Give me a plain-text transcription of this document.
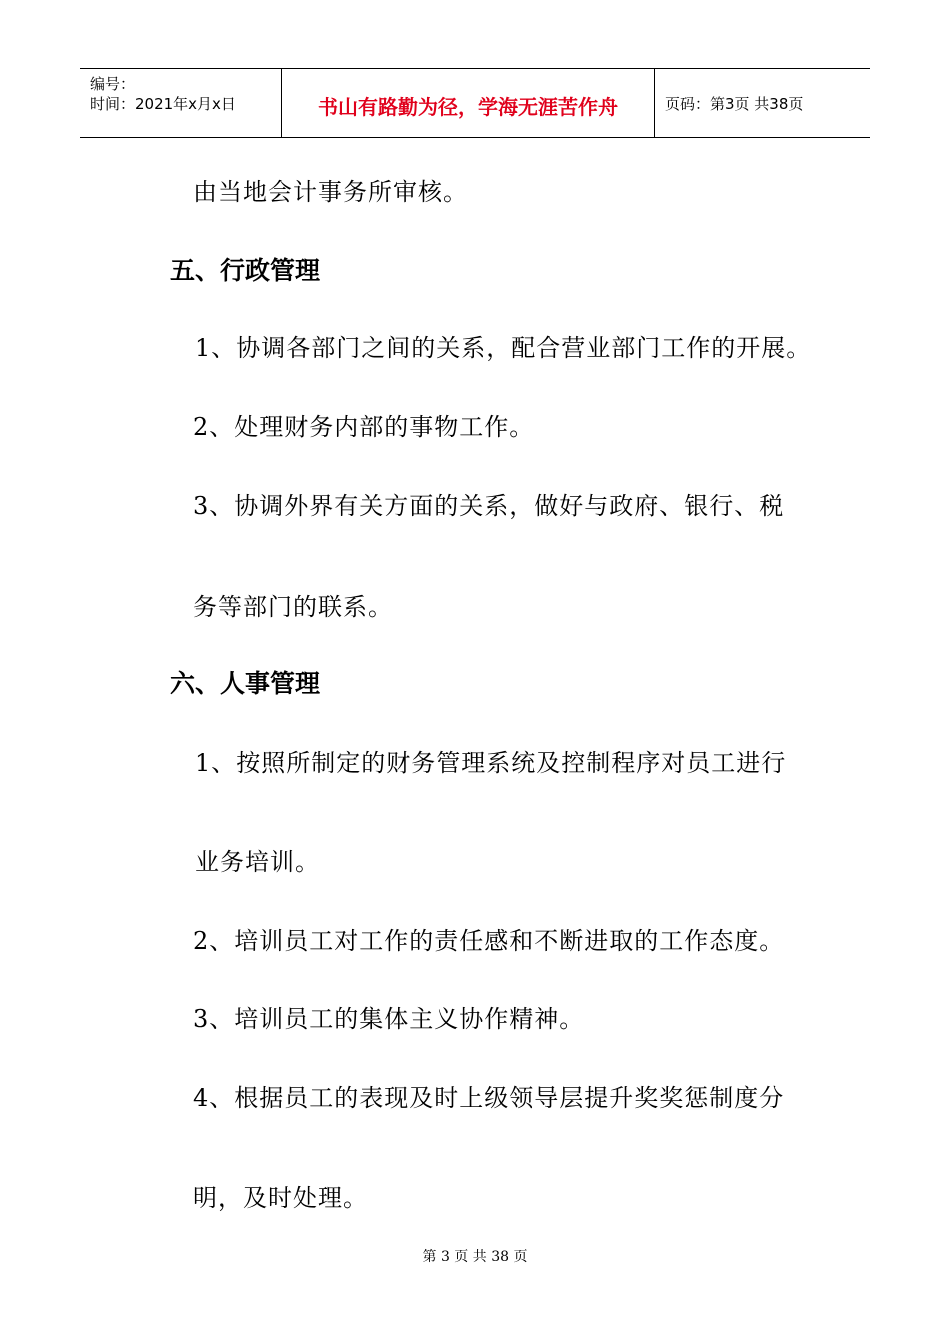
编号：
时间：2021年x月x日	书山有路勤为径，学海无涯苦作舟	页码：第3页 共38页
由当地会计事务所审核。
五、行政管理
1、协调各部门之间的关系，配合营业部门工作的开展。
2、处理财务内部的事物工作。
3、协调外界有关方面的关系，做好与政府、银行、税
务等部门的联系。
六、人事管理
1、按照所制定的财务管理系统及控制程序对员工进行
业务培训。
2、培训员工对工作的责任感和不断进取的工作态度。
3、培训员工的集体主义协作精神。
4、根据员工的表现及时上级领导层提升奖奖惩制度分
明，及时处理。
第 3 页 共 38 页
